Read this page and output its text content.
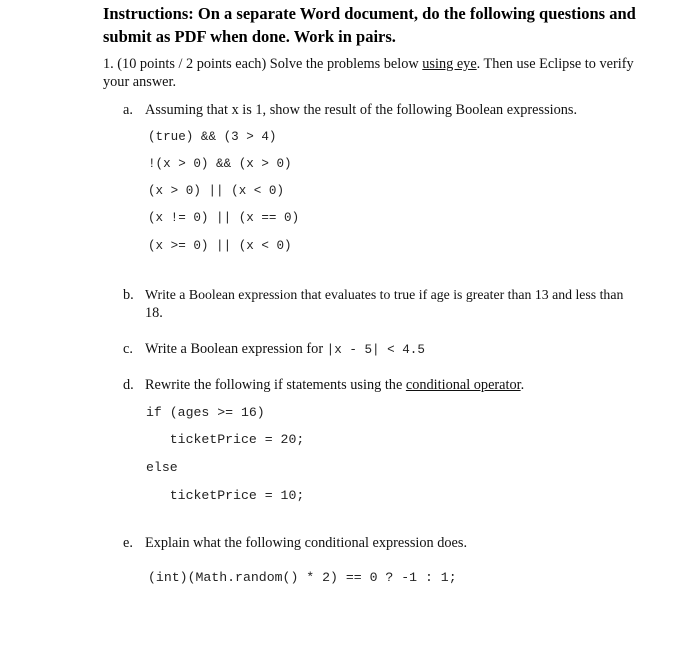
Instructions: On a separate Word document, do the following questions and
submit as PDF when done. Work in pairs.
1. (10 points / 2 points each) Solve the problems below using eye. Then use Eclipse to verify
your answer.
a. Assuming that x is 1, show the result of the following Boolean expressions.
(true) && (3 > 4)
!(x > 0) && (x > 0)
(x > 0) || (x < 0)
(x != 0) || (x == 0)
(x >= 0) || (x < 0)
b. Write a Boolean expression that evaluates to true if age is greater than 13 and less than
18.
c. Write a Boolean expression for |x - 5| < 4.5
d. Rewrite the following if statements using the conditional operator.
if (ages >= 16)
ticketPrice = 20;
else
ticketPrice = 10;
e. Explain what the following conditional expression does.
(int)(Math.random() * 2) == 0 ? -1 : 1;
